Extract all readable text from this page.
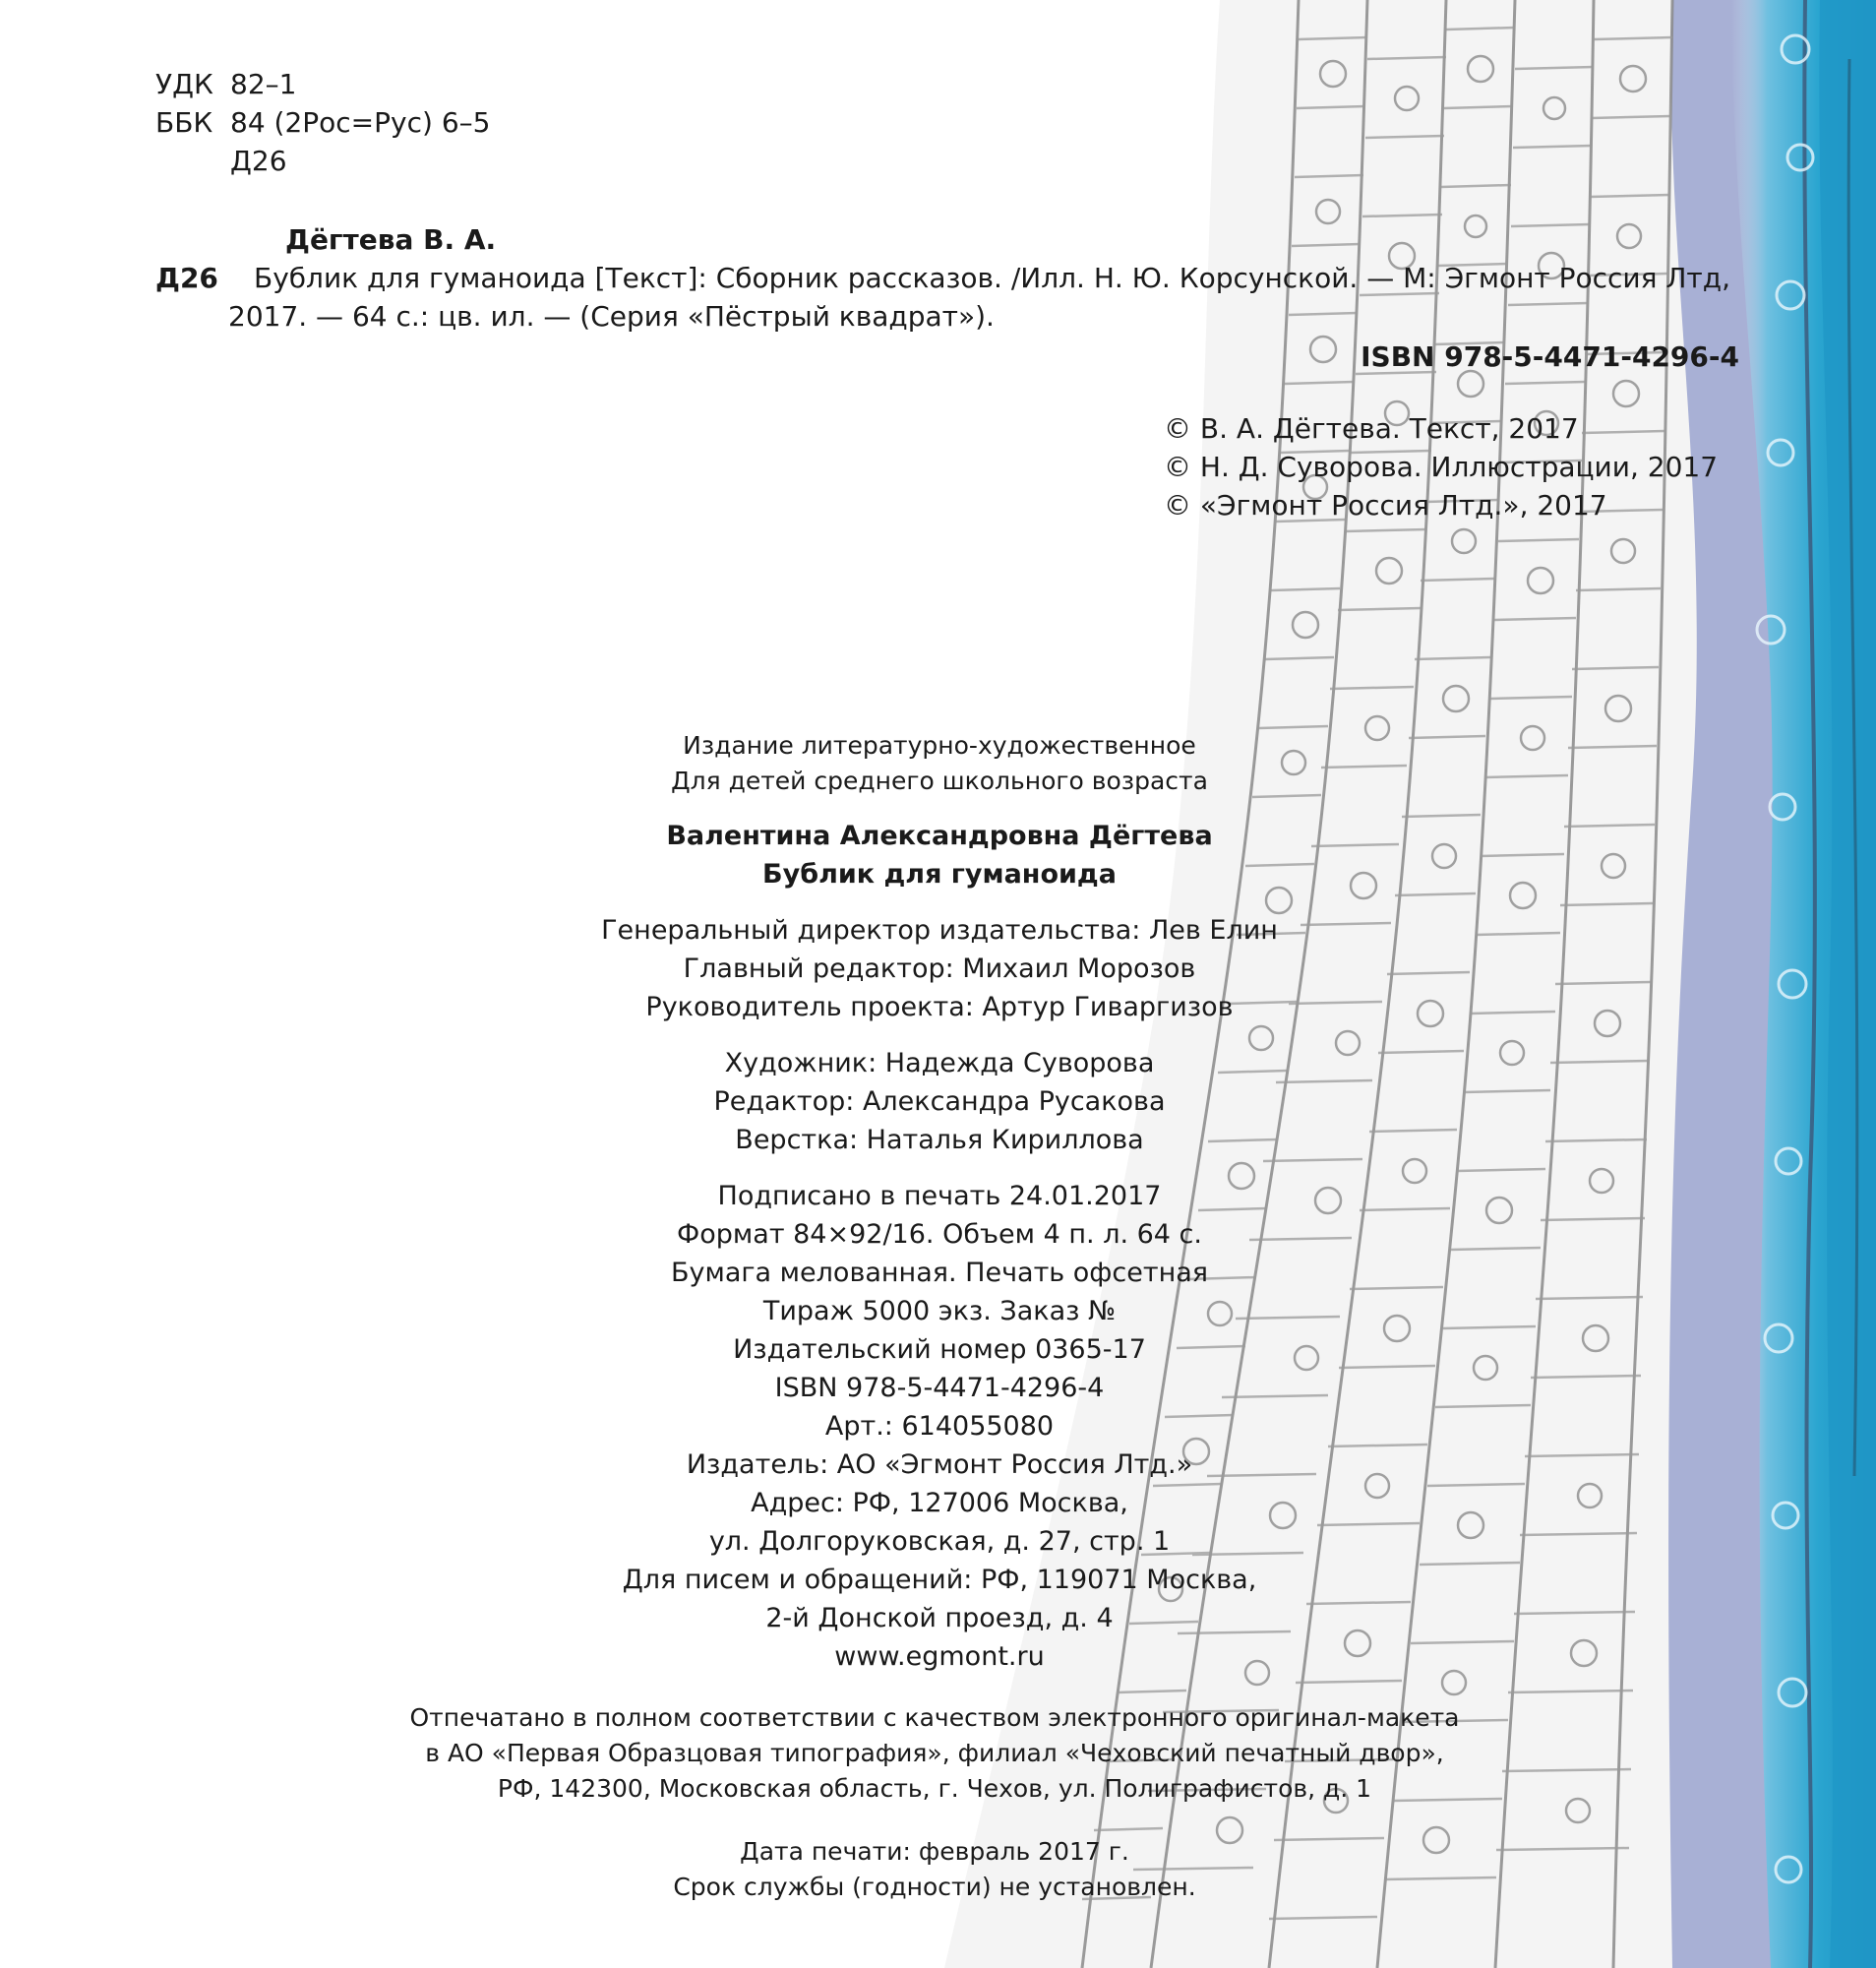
УДК 82–1
ББК 84 (2Рос=Рус) 6–5
Д26
Дёгтева В. А.
Д26	Бублик для гуманоида [Текст]: Сборник рассказов. /Илл. Н. Ю. Корсунской. — М: Эгмонт Россия Лтд,
2017. — 64 с.: цв. ил. — (Серия «Пёстрый квадрат»).
ISBN 978-5-4471-4296-4
© В. А. Дёгтева. Текст, 2017
© Н. Д. Суворова. Иллюстрации, 2017
© «Эгмонт Россия Лтд.», 2017
Издание литературно-художественное
Для детей среднего школьного возраста
Валентина Александровна Дёгтева
Бублик для гуманоида
Генеральный директор издательства: Лев Елин
Главный редактор: Михаил Морозов
Руководитель проекта: Артур Гиваргизов
Художник: Надежда Суворова
Редактор: Александра Русакова
Верстка: Наталья Кириллова
Подписано в печать 24.01.2017
Формат 84×92/16. Объем 4 п. л. 64 с.
Бумага мелованная. Печать офсетная
Тираж 5000 экз. Заказ №
Издательский номер 0365-17
ISBN 978-5-4471-4296-4
Арт.: 614055080
Издатель: АО «Эгмонт Россия Лтд.»
Адрес: РФ, 127006 Москва,
ул. Долгоруковская, д. 27, стр. 1
Для писем и обращений: РФ, 119071 Москва,
2-й Донской проезд, д. 4
www.egmont.ru
Отпечатано в полном соответствии с качеством электронного оригинал-макета
в АО «Первая Образцовая типография», филиал «Чеховский печатный двор»,
РФ, 142300, Московская область, г. Чехов, ул. Полиграфистов, д. 1
Дата печати: февраль 2017 г.
Срок службы (годности) не установлен.
